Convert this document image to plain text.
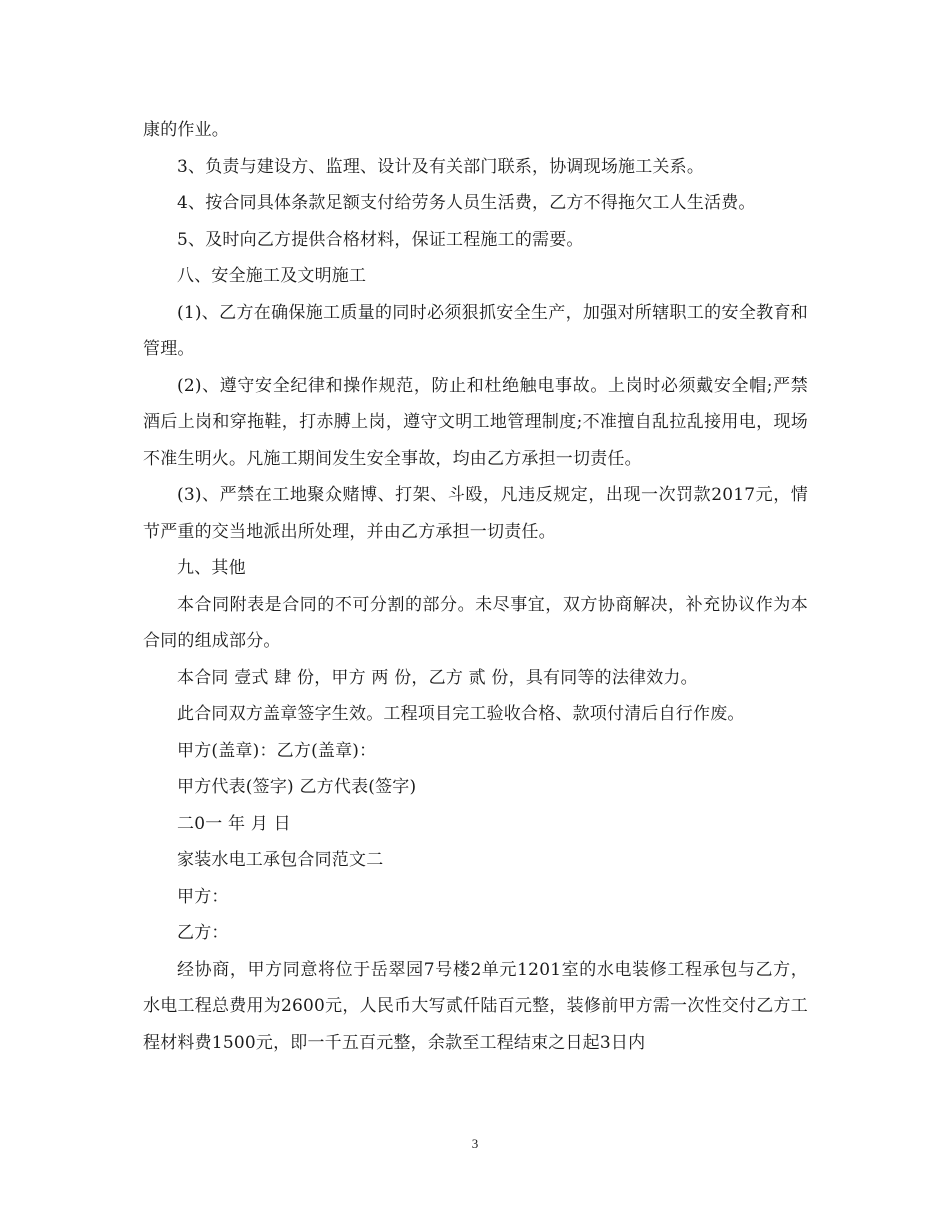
康的作业。

3、负责与建设方、监理、设计及有关部门联系，协调现场施工关系。

4、按合同具体条款足额支付给劳务人员生活费，乙方不得拖欠工人生活费。

5、及时向乙方提供合格材料，保证工程施工的需要。

八、安全施工及文明施工

(1)、乙方在确保施工质量的同时必须狠抓安全生产，加强对所辖职工的安全教育和管理。

(2)、遵守安全纪律和操作规范，防止和杜绝触电事故。上岗时必须戴安全帽;严禁酒后上岗和穿拖鞋，打赤膊上岗，遵守文明工地管理制度;不准擅自乱拉乱接用电，现场不准生明火。凡施工期间发生安全事故，均由乙方承担一切责任。

(3)、严禁在工地聚众赌博、打架、斗殴，凡违反规定，出现一次罚款2017元，情节严重的交当地派出所处理，并由乙方承担一切责任。

九、其他

本合同附表是合同的不可分割的部分。未尽事宜，双方协商解决，补充协议作为本合同的组成部分。

本合同 壹式 肆 份，甲方 两 份，乙方 贰 份，具有同等的法律效力。

此合同双方盖章签字生效。工程项目完工验收合格、款项付清后自行作废。

甲方(盖章)：乙方(盖章)：

甲方代表(签字) 乙方代表(签字)

二0一 年 月 日

家装水电工承包合同范文二

甲方：

乙方：

经协商，甲方同意将位于岳翠园7号楼2单元1201室的水电装修工程承包与乙方，水电工程总费用为2600元，人民币大写贰仟陆百元整，装修前甲方需一次性交付乙方工程材料费1500元，即一千五百元整，余款至工程结束之日起3日内

3
